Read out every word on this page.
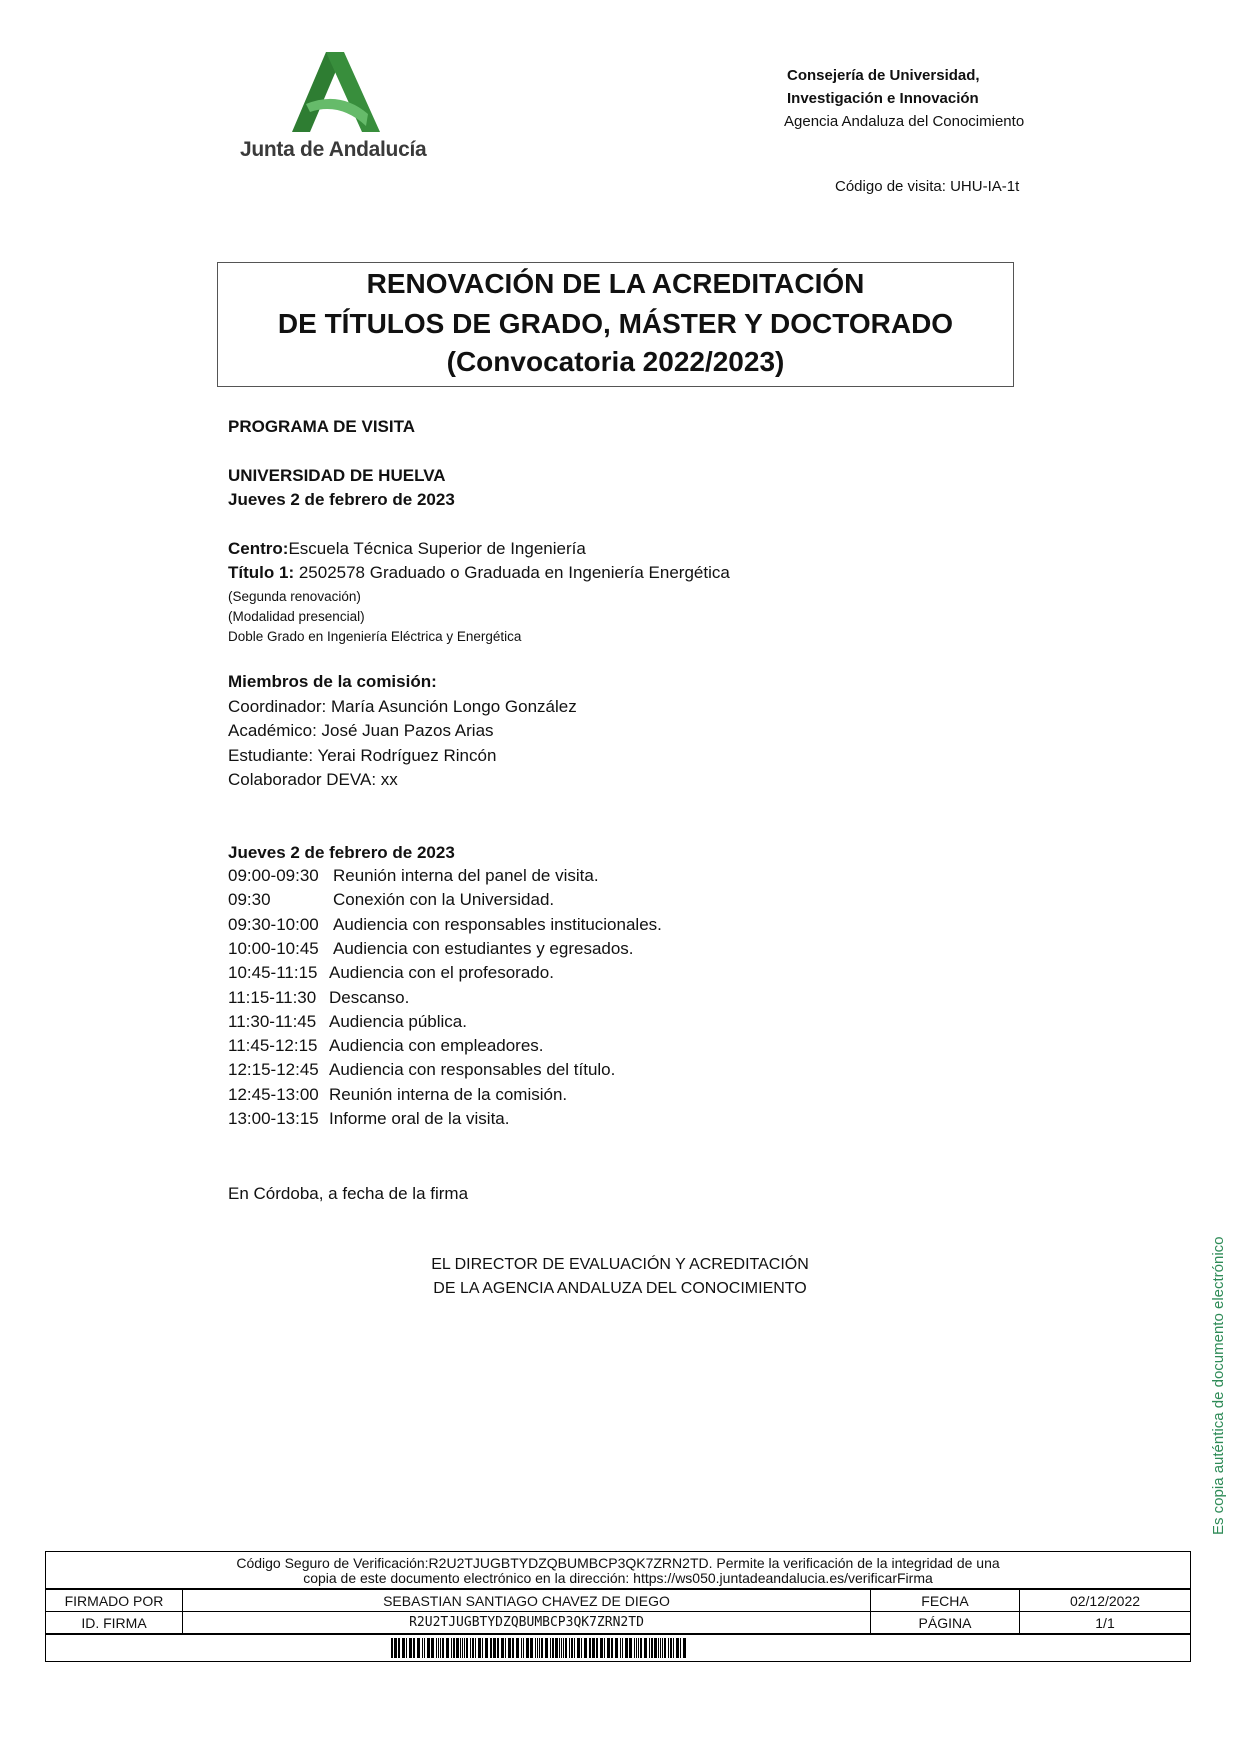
Junta de Andalucía
Consejería de Universidad,
Investigación e Innovación
Agencia Andaluza del Conocimiento
Código de visita: UHU-IA-1t
RENOVACIÓN DE LA ACREDITACIÓN
DE TÍTULOS DE GRADO, MÁSTER Y DOCTORADO
(Convocatoria 2022/2023)
PROGRAMA DE VISITA
UNIVERSIDAD DE HUELVA
Jueves 2 de febrero de 2023
Centro:Escuela Técnica Superior de Ingeniería
Título 1: 2502578 Graduado o Graduada en Ingeniería Energética
(Segunda renovación)
(Modalidad presencial)
Doble Grado en Ingeniería Eléctrica y Energética
Miembros de la comisión:
Coordinador: María Asunción Longo González
Académico: José Juan Pazos Arias
Estudiante: Yerai Rodríguez Rincón
Colaborador DEVA: xx
Jueves 2 de febrero de 2023
09:00-09:30 Reunión interna del panel de visita.
09:30	Conexión con la Universidad.
09:30-10:00 Audiencia con responsables institucionales.
10:00-10:45 Audiencia con estudiantes y egresados.
10:45-11:15 Audiencia con el profesorado.
11:15-11:30 Descanso.
11:30-11:45 Audiencia pública.
11:45-12:15 Audiencia con empleadores.
12:15-12:45 Audiencia con responsables del título.
12:45-13:00 Reunión interna de la comisión.
13:00-13:15 Informe oral de la visita.
En Córdoba, a fecha de la firma
EL DIRECTOR DE EVALUACIÓN Y ACREDITACIÓN
DE LA AGENCIA ANDALUZA DEL CONOCIMIENTO	Es copia auténtica de documento electrónico
Código Seguro de Verificación:R2U2TJUGBTYDZQBUMBCP3QK7ZRN2TD. Permite la verificación de la integridad de una
copia de este documento electrónico en la dirección: https://ws050.juntadeandalucia.es/verificarFirma
FIRMADO POR	SEBASTIAN SANTIAGO CHAVEZ DE DIEGO	FECHA	02/12/2022
ID. FIRMA	R2U2TJUGBTYDZQBUMBCP3QK7ZRN2TD	PÁGINA	1/1
